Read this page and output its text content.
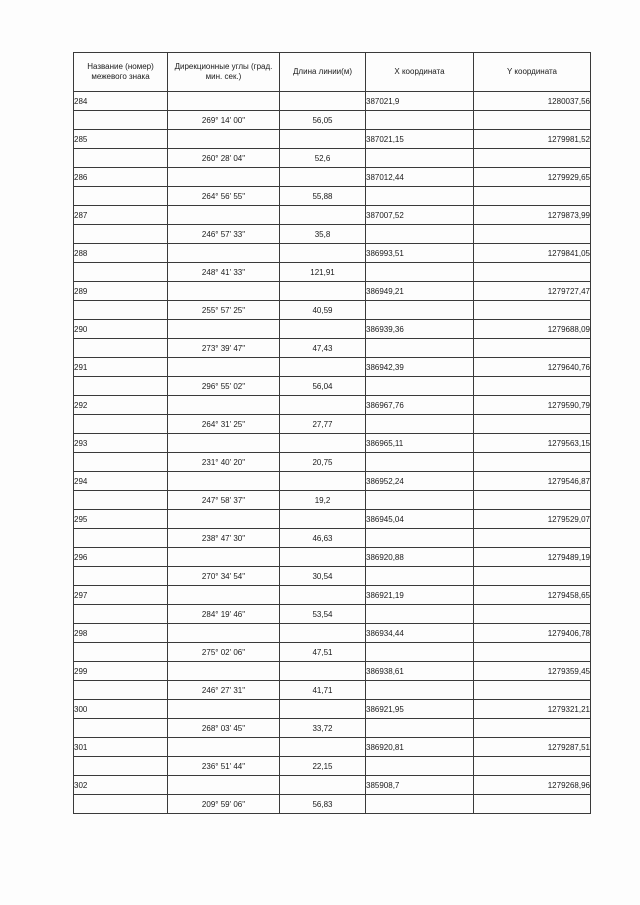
Название (номер) межевого знака	Дирекционные углы (град. мин. сек.)	Длина линии(м)	X координата	Y координата
284			387021,9	1280037,56
	269° 14' 00"	56,05		
285			387021,15	1279981,52
	260° 28' 04"	52,6		
286			387012,44	1279929,65
	264° 56' 55"	55,88		
287			387007,52	1279873,99
	246° 57' 33"	35,8		
288			386993,51	1279841,05
	248° 41' 33"	121,91		
289			386949,21	1279727,47
	255° 57' 25"	40,59		
290			386939,36	1279688,09
	273° 39' 47"	47,43		
291			386942,39	1279640,76
	296° 55' 02"	56,04		
292			386967,76	1279590,79
	264° 31' 25"	27,77		
293			386965,11	1279563,15
	231° 40' 20"	20,75		
294			386952,24	1279546,87
	247° 58' 37"	19,2		
295			386945,04	1279529,07
	238° 47' 30"	46,63		
296			386920,88	1279489,19
	270° 34' 54"	30,54		
297			386921,19	1279458,65
	284° 19' 46"	53,54		
298			386934,44	1279406,78
	275° 02' 06"	47,51		
299			386938,61	1279359,45
	246° 27' 31"	41,71		
300			386921,95	1279321,21
	268° 03' 45"	33,72		
301			386920,81	1279287,51
	236° 51' 44"	22,15		
302			385908,7	1279268,96
	209° 59' 06"	56,83		
